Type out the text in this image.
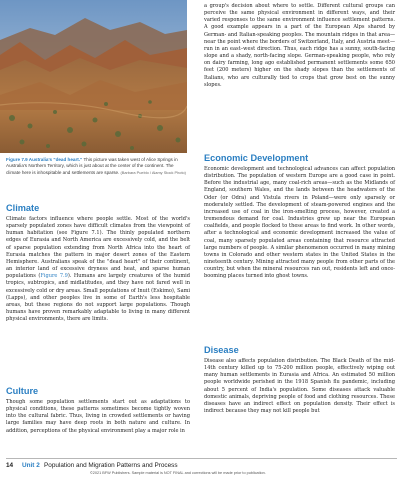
Figure 7.9 Australia's "dead heart." This picture was taken west of Alice Springs in Australia's Northern Territory, which is just about at the center of the continent. The climate here is inhospitable and settlements are sparse. (Barbara Pueblo / Alamy Stock Photo)
Climate

Climate factors influence where people settle. Most of the world's sparsely populated zones have difficult climates from the viewpoint of human habitation (see Figure 7.1). The thinly populated northern edges of Eurasia and North America are excessively cold, and the belt of sparse population extending from North Africa into the heart of Eurasia matches the pattern in major desert zones of the Eastern Hemisphere. Australians speak of the "dead heart" of their continent, an interior land of excessive dryness and heat, and sparse human populations (Figure 7.9). Humans are largely creatures of the humid tropics, subtropics, and midlatitudes, and they have not fared well in excessively cold or dry areas. Small populations of Inuit (Eskimo), Sami (Lapps), and other peoples live in some of Earth's less hospitable areas, but these regions do not support large populations. Though humans have proven remarkably adaptable to living in many different physical environments, there are limits.

Culture

Though some population settlements start out as adaptations to physical conditions, these patterns sometimes become tightly woven into the cultural fabric. Thus, living in crowded settlements or having large families may have deep roots in both nature and culture. In addition, perceptions of the physical environment play a major role in

a group's decision about where to settle. Different cultural groups can perceive the same physical environment in different ways, and their varied responses to the same environment influence settlement patterns. A good example appears in a part of the European Alps shared by German- and Italian-speaking peoples. The mountain ridges in that area—near the point where the borders of Switzerland, Italy, and Austria meet—run in an east–west direction. Thus, each ridge has a sunny, south-facing slope and a shady, north-facing slope. German-speaking people, who rely on dairy farming, long ago established permanent settlements some 650 feet (200 meters) higher on the shady slopes than the settlements of Italians, who are culturally tied to crops that grow best on the sunny slopes.

Economic Development

Economic development and technological advances can affect population distribution. The population of western Europe are a good case in point. Before the industrial age, many coal-rich areas—such as the Midlands of England, southern Wales, and the lands between the headwaters of the Oder (or Odra) and Vistula rivers in Poland—were only sparsely or moderately settled. The development of steam-powered engines and the increased use of coal in the iron-smelting process, however, created a tremendous demand for coal. Industries grew up near the European coalfields, and people flocked to these areas to find work. In other words, after a technological and economic development increased the value of coal, many sparsely populated areas containing that resource attracted large numbers of people. A similar phenomenon occurred in many mining towns in Colorado and other western states in the United States in the nineteenth century. Mining attracted many people from other parts of the country, but when the mineral resources ran out, residents left and once-booming places turned into ghost towns.

Disease

Disease also affects population distribution. The Black Death of the mid-14th century killed up to 75-200 million people, effectively wiping out many human settlements in Eurasia and Africa. An estimated 50 million people worldwide perished in the 1918 Spanish flu pandemic, including about 5 percent of India's population. Some diseases attack valuable domestic animals, depriving people of food and clothing resources. These diseases have an indirect effect on population density. Their effect is indirect because they may not kill people but

14 Unit 2 Population and Migration Patterns and Process
©2021 BFW Publishers. Sample material is NOT FINAL and corrections will be made prior to publication.
